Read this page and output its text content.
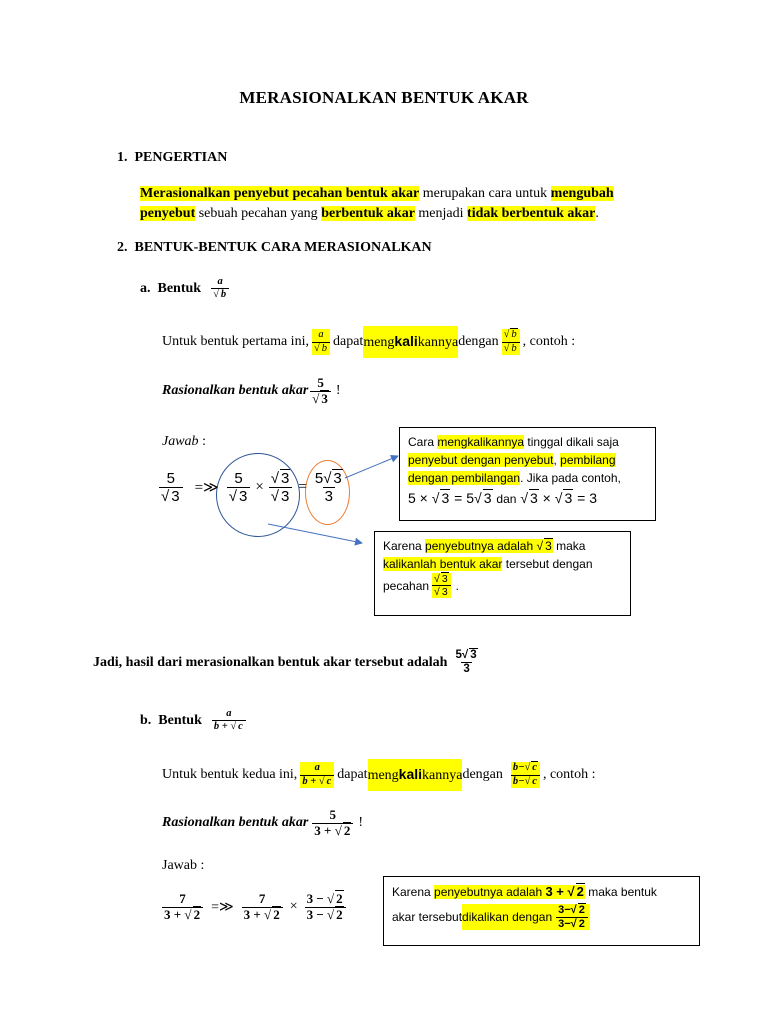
MERASIONALKAN BENTUK AKAR
1.  PENGERTIAN
Merasionalkan penyebut pecahan bentuk akar merupakan cara untuk mengubah
penyebut sebuah pecahan yang berbentuk akar menjadi tidak berbentuk akar.
2.  BENTUK-BENTUK CARA MERASIONALKAN
a.  Bentuk $\frac{a}{√ b}$
Untuk bentuk pertama ini, $\frac{a}{√ b}$ dapat mengkalikannya dengan $\frac{√ b}{√ b}$ , contoh :
Rasionalkan bentuk akar $\frac{5}{√ 3}$ !
Jawab :
$\frac{5}{√ 3}$ =≫ $\frac{5}{√ 3} \times \frac{√ 3}{√ 3} = \frac{5√ 3}{3}$
Cara mengkalikannya tinggal dikali saja
penyebut dengan penyebut, pembilang
dengan pembilangan. Jika pada contoh,
5 × √ 3 = 5√ 3 dan √ 3 × √ 3 = 3
Karena penyebutnya adalah √ 3 maka
kalikanlah bentuk akar tersebut dengan
pecahan $\frac{√ 3}{√ 3}$ .
Jadi, hasil dari merasionalkan bentuk akar tersebut adalah $\frac{5√ 3}{3}$
b.  Bentuk $\frac{a}{b + √ c}$
Untuk bentuk kedua ini, $\frac{a}{b + √ c}$ dapat mengkalikannya dengan $\frac{b-√ c}{b-√ c}$ , contoh :
Rasionalkan bentuk akar $\frac{5}{3 + √ 2}$ !
Jawab :
$\frac{7}{3 + √ 2}$ =≫ $\frac{7}{3 + √ 2} \times \frac{3 - √ 2}{3 - √ 2}$	Karena penyebutnya adalah 3 + √ 2 maka bentuk
akar tersebut dikalikan dengan $\frac{3-√ 2}{3-√ 2}$
